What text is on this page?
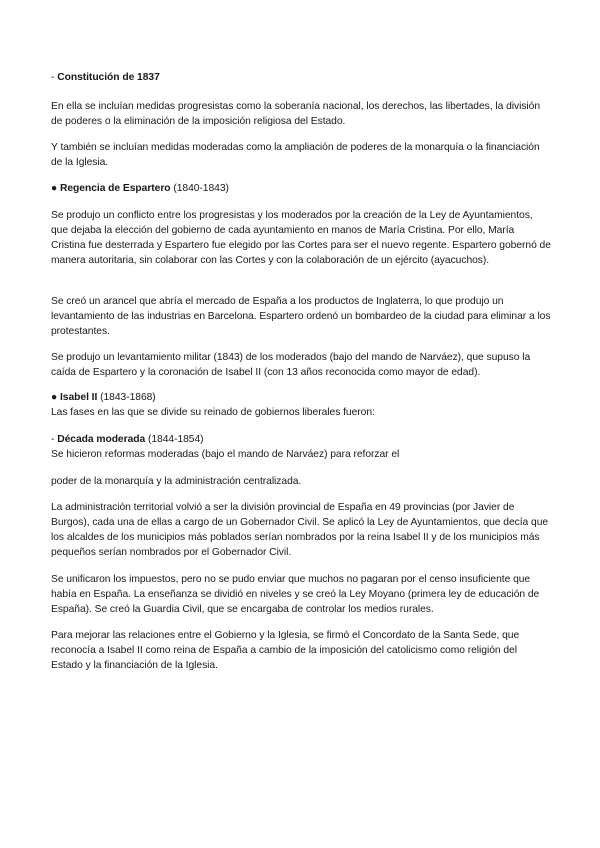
- Constitución de 1837
En ella se incluían medidas progresistas como la soberanía nacional, los derechos, las libertades, la división de poderes o la eliminación de la imposición religiosa del Estado.
Y también se incluían medidas moderadas como la ampliación de poderes de la monarquía o la financiación de la Iglesia.
● Regencia de Espartero (1840-1843)
Se produjo un conflicto entre los progresistas y los moderados por la creación de la Ley de Ayuntamientos, que dejaba la elección del gobierno de cada ayuntamiento en manos de María Cristina. Por ello, María Cristina fue desterrada y Espartero fue elegido por las Cortes para ser el nuevo regente. Espartero gobernó de manera autoritaria, sin colaborar con las Cortes y con la colaboración de un ejército (ayacuchos).
Se creó un arancel que abría el mercado de España a los productos de Inglaterra, lo que produjo un levantamiento de las industrias en Barcelona. Espartero ordenó un bombardeo de la ciudad para eliminar a los protestantes.
Se produjo un levantamiento militar (1843) de los moderados (bajo del mando de Narváez), que supuso la caída de Espartero y la coronación de Isabel II (con 13 años reconocida como mayor de edad).
● Isabel II (1843-1868)
Las fases en las que se divide su reinado de gobiernos liberales fueron:
- Década moderada (1844-1854)
Se hicieron reformas moderadas (bajo el mando de Narváez) para reforzar el
poder de la monarquía y la administración centralizada.
La administración territorial volvió a ser la división provincial de España en 49 provincias (por Javier de Burgos), cada una de ellas a cargo de un Gobernador Civil. Se aplicó la Ley de Ayuntamientos, que decía que los alcaldes de los municipios más poblados serían nombrados por la reina Isabel II y de los municipios más pequeños serían nombrados por el Gobernador Civil.
Se unificaron los impuestos, pero no se pudo enviar que muchos no pagaran por el censo insuficiente que había en España. La enseñanza se dividió en niveles y se creó la Ley Moyano (primera ley de educación de España). Se creó la Guardia Civil, que se encargaba de controlar los medios rurales.
Para mejorar las relaciones entre el Gobierno y la Iglesia, se firmó el Concordato de la Santa Sede, que reconocía a Isabel II como reina de España a cambio de la imposición del catolicismo como religión del Estado y la financiación de la Iglesia.
